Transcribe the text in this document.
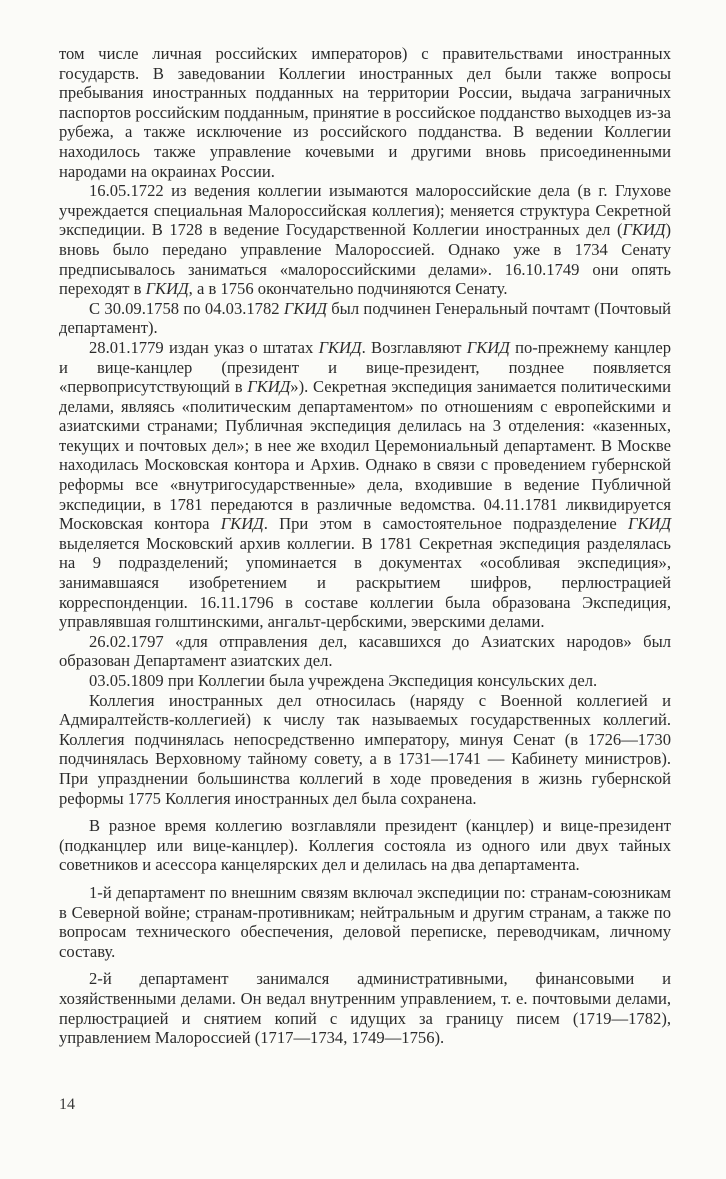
том числе личная российских императоров) с правительствами иностранных государств. В заведовании Коллегии иностранных дел были также вопросы пребывания иностранных подданных на территории России, выдача заграничных паспортов российским подданным, принятие в российское подданство выходцев из-за рубежа, а также исключение из российского подданства. В ведении Коллегии находилось также управление кочевыми и другими вновь присоединенными народами на окраинах России.

16.05.1722 из ведения коллегии изымаются малороссийские дела (в г. Глухове учреждается специальная Малороссийская коллегия); меняется структура Секретной экспедиции. В 1728 в ведение Государственной Коллегии иностранных дел (ГКИД) вновь было передано управление Малороссией. Однако уже в 1734 Сенату предписывалось заниматься «малороссийскими делами». 16.10.1749 они опять переходят в ГКИД, а в 1756 окончательно подчиняются Сенату.

С 30.09.1758 по 04.03.1782 ГКИД был подчинен Генеральный почтамт (Почтовый департамент).

28.01.1779 издан указ о штатах ГКИД. Возглавляют ГКИД по-прежнему канцлер и вице-канцлер (президент и вице-президент, позднее появляется «первоприсутствующий в ГКИД»). Секретная экспедиция занимается политическими делами, являясь «политическим департаментом» по отношениям с европейскими и азиатскими странами; Публичная экспедиция делилась на 3 отделения: «казенных, текущих и почтовых дел»; в нее же входил Церемониальный департамент. В Москве находилась Московская контора и Архив. Однако в связи с проведением губернской реформы все «внутригосударственные» дела, входившие в ведение Публичной экспедиции, в 1781 передаются в различные ведомства. 04.11.1781 ликвидируется Московская контора ГКИД. При этом в самостоятельное подразделение ГКИД выделяется Московский архив коллегии. В 1781 Секретная экспедиция разделялась на 9 подразделений; упоминается в документах «особливая экспедиция», занимавшаяся изобретением и раскрытием шифров, перлюстрацией корреспонденции. 16.11.1796 в составе коллегии была образована Экспедиция, управлявшая голштинскими, ангальт-цербскими, эверскими делами.

26.02.1797 «для отправления дел, касавшихся до Азиатских народов» был образован Департамент азиатских дел.

03.05.1809 при Коллегии была учреждена Экспедиция консульских дел.

Коллегия иностранных дел относилась (наряду с Военной коллегией и Адмиралтейств-коллегией) к числу так называемых государственных коллегий. Коллегия подчинялась непосредственно императору, минуя Сенат (в 1726—1730 подчинялась Верховному тайному совету, а в 1731—1741 — Кабинету министров). При упразднении большинства коллегий в ходе проведения в жизнь губернской реформы 1775 Коллегия иностранных дел была сохранена.

В разное время коллегию возглавляли президент (канцлер) и вице-президент (подканцлер или вице-канцлер). Коллегия состояла из одного или двух тайных советников и асессора канцелярских дел и делилась на два департамента.

1-й департамент по внешним связям включал экспедиции по: странам-союзникам в Северной войне; странам-противникам; нейтральным и другим странам, а также по вопросам технического обеспечения, деловой переписке, переводчикам, личному составу.

2-й департамент занимался административными, финансовыми и хозяйственными делами. Он ведал внутренним управлением, т. е. почтовыми делами, перлюстрацией и снятием копий с идущих за границу писем (1719—1782), управлением Малороссией (1717—1734, 1749—1756).

14
